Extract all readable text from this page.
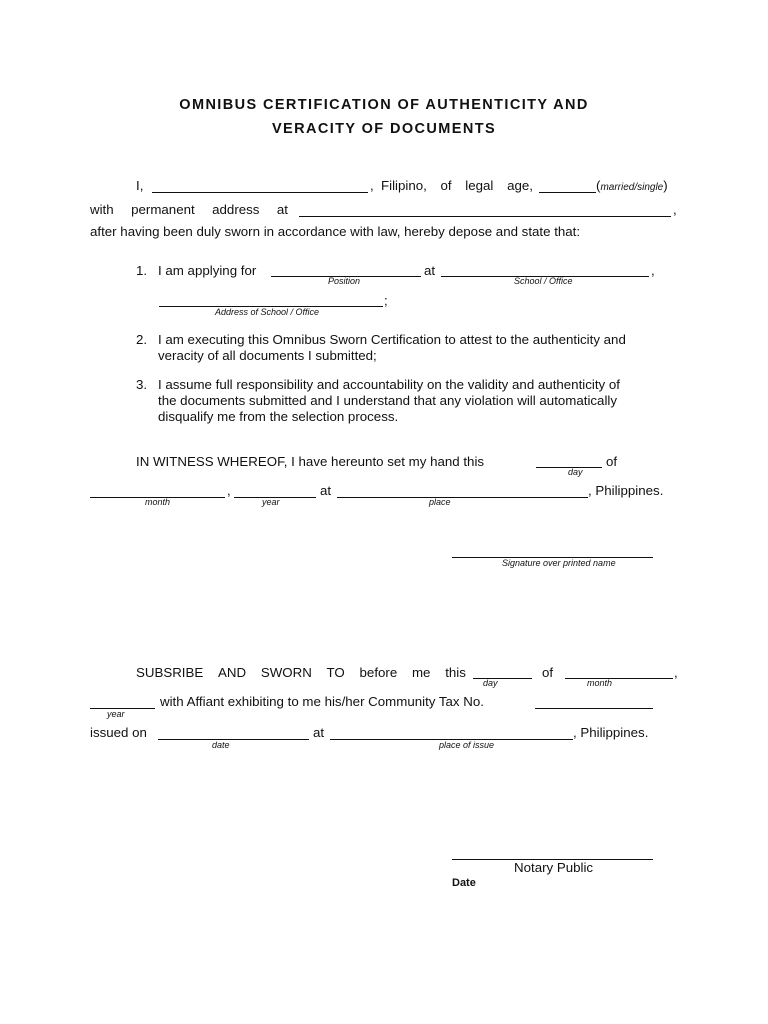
OMNIBUS CERTIFICATION OF AUTHENTICITY AND
VERACITY OF DOCUMENTS
I,	, Filipino, of legal age,	(married/single)
with permanent address at	,
after having been duly sworn in accordance with law, hereby depose and state that:
1. I am applying for
Position
at
School / Office
,
;
Address of School / Office
2. I am executing this Omnibus Sworn Certification to attest to the authenticity and
veracity of all documents I submitted;
3. I assume full responsibility and accountability on the validity and authenticity of
the documents submitted and I understand that any violation will automatically
disqualify me from the selection process.
IN WITNESS WHEREOF, I have hereunto set my hand this
day
of
month
,
year
at
place
, Philippines.
Signature over printed name
SUBSRIBE AND SWORN TO before me this
day
of
month
,
year
with Affiant exhibiting to me his/her Community Tax No.
issued on
date
at
place of issue
, Philippines.
Notary Public
Date
